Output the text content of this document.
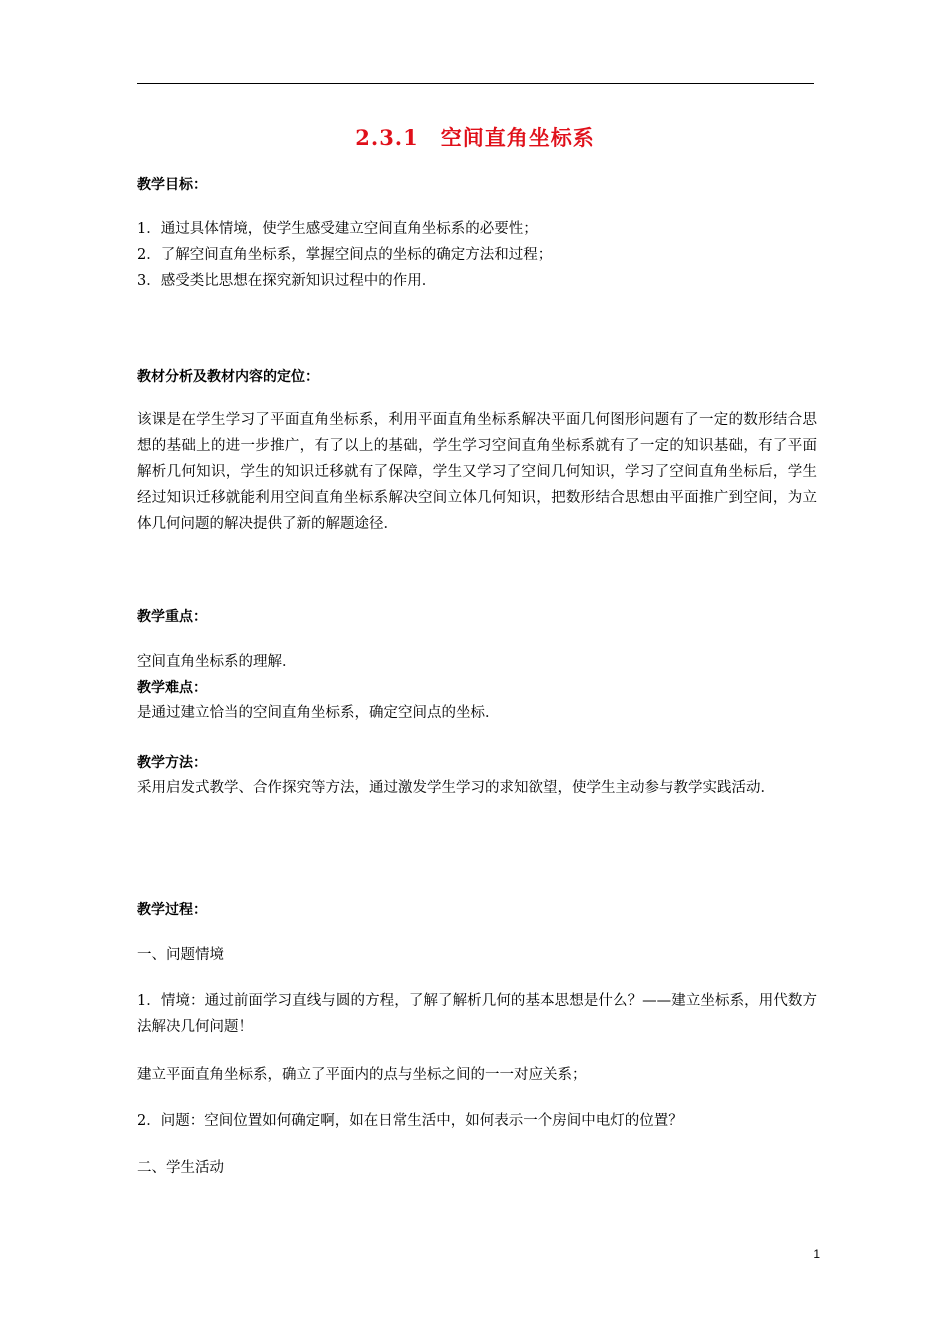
2.3.1　空间直角坐标系
教学目标：
1．通过具体情境，使学生感受建立空间直角坐标系的必要性；
2．了解空间直角坐标系，掌握空间点的坐标的确定方法和过程；
3．感受类比思想在探究新知识过程中的作用．
教材分析及教材内容的定位：
该课是在学生学习了平面直角坐标系，利用平面直角坐标系解决平面几何图形问题有了一定的数形结合思想的基础上的进一步推广，有了以上的基础，学生学习空间直角坐标系就有了一定的知识基础，有了平面解析几何知识，学生的知识迁移就有了保障，学生又学习了空间几何知识，学习了空间直角坐标后，学生经过知识迁移就能利用空间直角坐标系解决空间立体几何知识，把数形结合思想由平面推广到空间，为立体几何问题的解决提供了新的解题途径．
教学重点：
空间直角坐标系的理解．
教学难点：
是通过建立恰当的空间直角坐标系，确定空间点的坐标．
教学方法：
采用启发式教学、合作探究等方法，通过激发学生学习的求知欲望，使学生主动参与教学实践活动．
教学过程：
一、问题情境
1．情境：通过前面学习直线与圆的方程，了解了解析几何的基本思想是什么？——建立坐标系，用代数方法解决几何问题！
建立平面直角坐标系，确立了平面内的点与坐标之间的一一对应关系；
2．问题：空间位置如何确定啊，如在日常生活中，如何表示一个房间中电灯的位置？
二、学生活动
1
